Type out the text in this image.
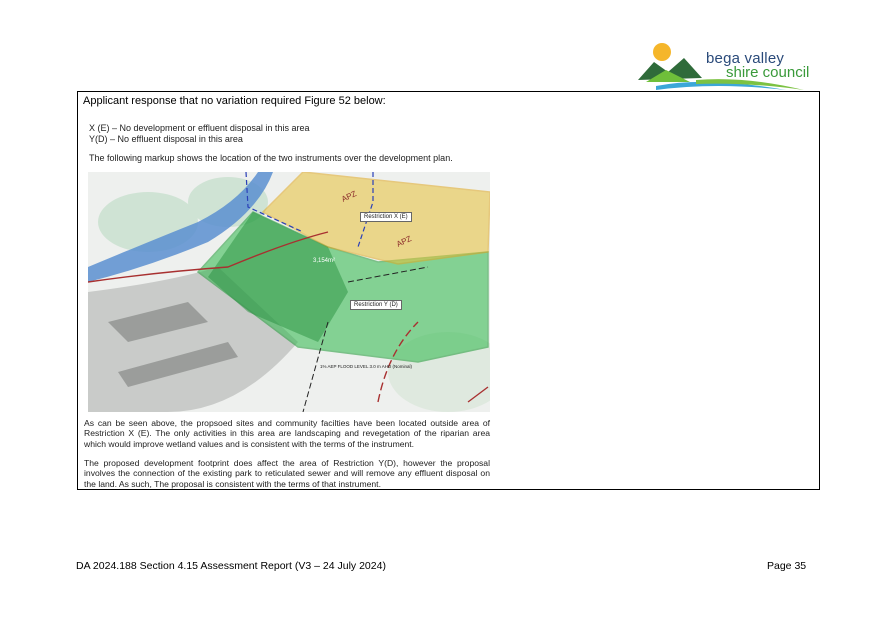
bega valley
shire council
Applicant response that no variation required Figure 52 below:
X (E) – No development or effluent disposal in this area
Y(D) – No effluent disposal in this area
The following markup shows the location of the two instruments over the development plan.
APZ
APZ
3,154m²
1% AEP FLOOD LEVEL 3.0 m AHD (Nominal)
Restriction X (E)
Restriction Y (D)
As can be seen above, the propsoed sites and community facilties have been located outside area of Restriction X (E). The only activities in this area are landscaping and revegetation of the riparian area which would improve wetland values and is consistent with the terms of the instrument.
The proposed development footprint does affect the area of Restriction Y(D), however the proposal involves the connection of the existing park to reticulated sewer and will remove any effluent disposal on the land. As such, The proposal is consistent with the terms of that instrument.
DA 2024.188 Section 4.15 Assessment Report (V3 – 24 July 2024)	Page 35
